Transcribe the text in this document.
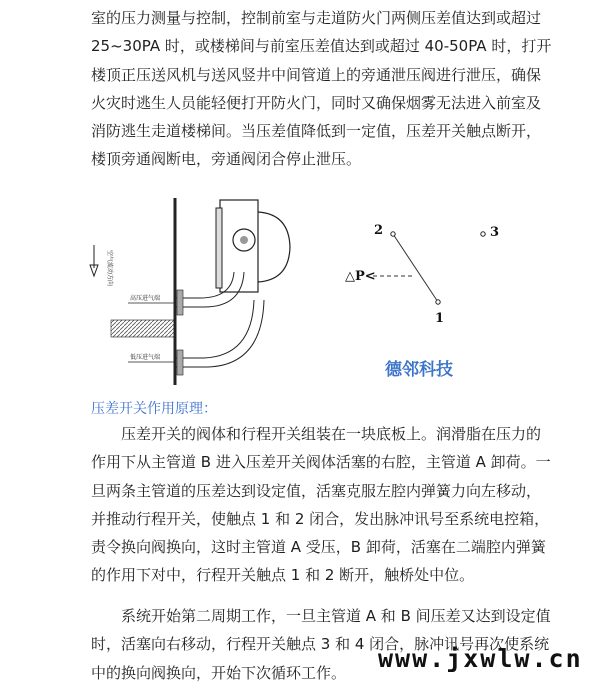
室的压力测量与控制，控制前室与走道防火门两侧压差值达到或超过
25~30PA 时，或楼梯间与前室压差值达到或超过 40-50PA 时，打开
楼顶正压送风机与送风竖井中间管道上的旁通泄压阀进行泄压，确保
火灾时逃生人员能轻便打开防火门，同时又确保烟雾无法进入前室及
消防逃生走道楼梯间。当压差值降低到一定值，压差开关触点断开，
楼顶旁通阀断电，旁通阀闭合停止泄压。

空气流动方向
高压进气端
低压进气端
2	3
1
△P<
德邻科技

压差开关作用原理：

压差开关的阀体和行程开关组装在一块底板上。润滑脂在压力的
作用下从主管道 B 进入压差开关阀体活塞的右腔，主管道 A 卸荷。一
旦两条主管道的压差达到设定值，活塞克服左腔内弹簧力向左移动，
并推动行程开关，使触点 1 和 2 闭合，发出脉冲讯号至系统电控箱，
责令换向阀换向，这时主管道 A 受压，B 卸荷，活塞在二端腔内弹簧
的作用下对中，行程开关触点 1 和 2 断开，触桥处中位。

系统开始第二周期工作，一旦主管道 A 和 B 间压差又达到设定值
时，活塞向右移动，行程开关触点 3 和 4 闭合，脉冲讯号再次使系统
中的换向阀换向，开始下次循环工作。	www.jxwlw.cn
